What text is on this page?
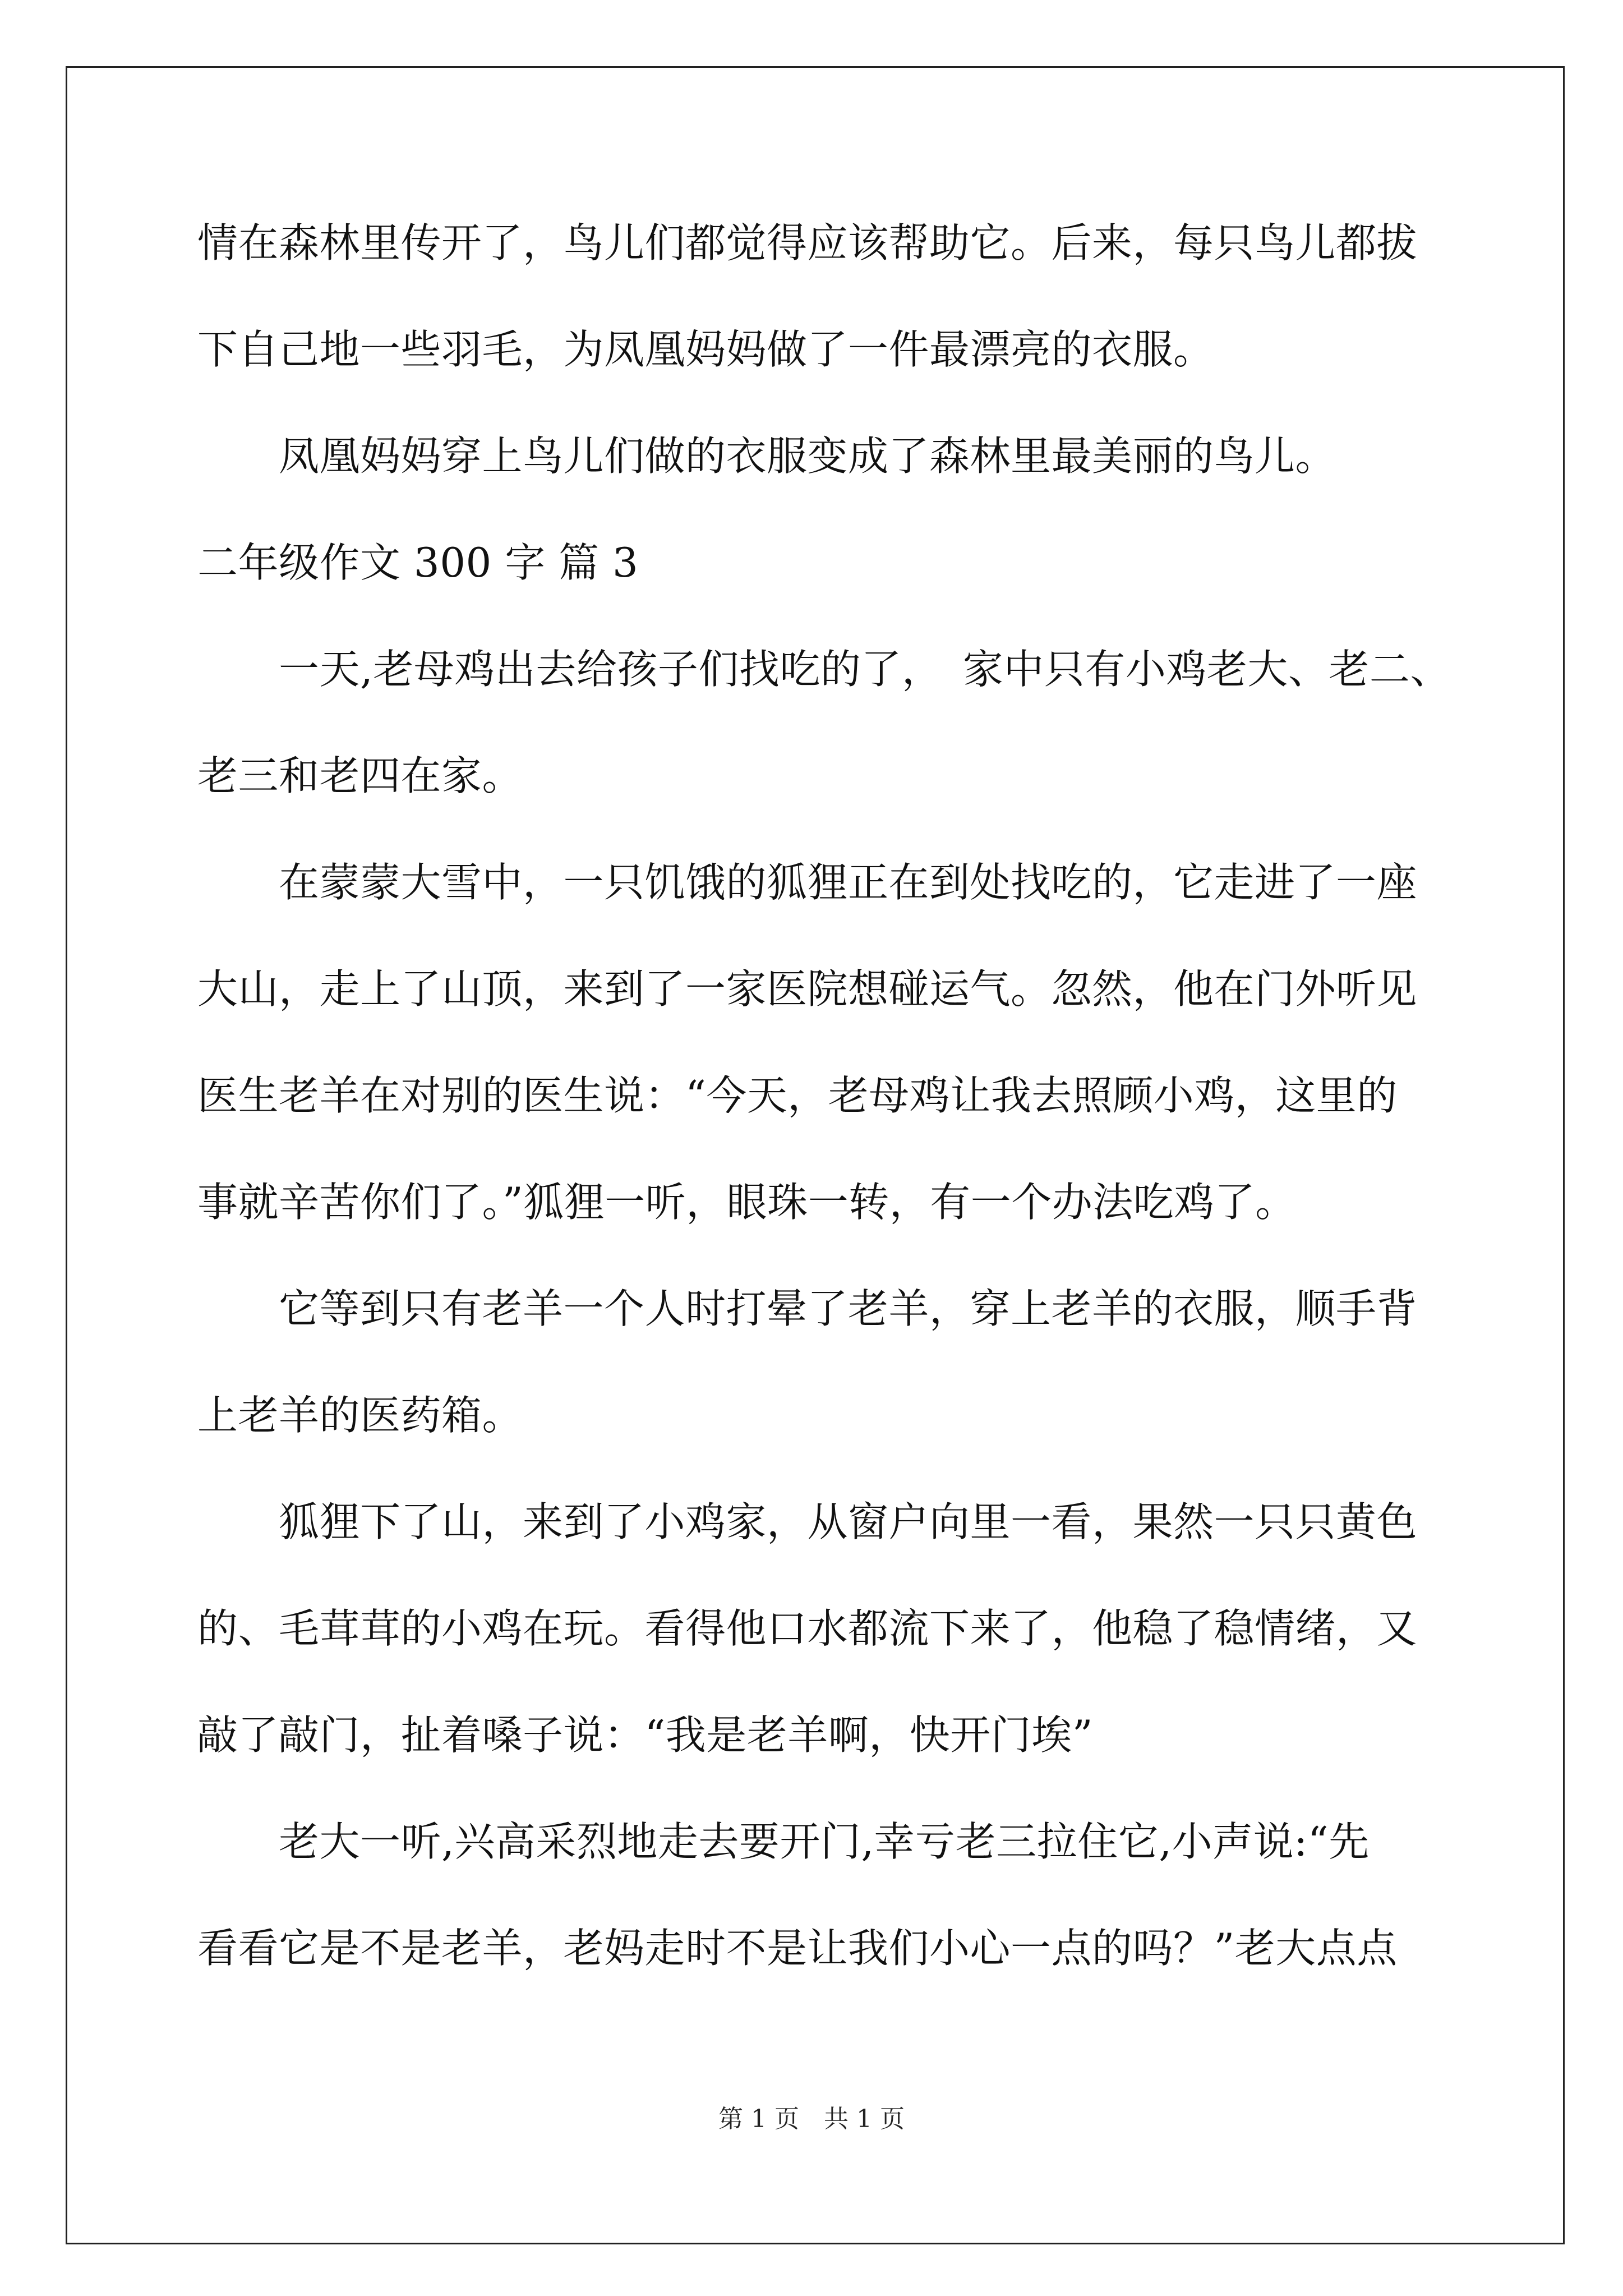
情在森林里传开了，鸟儿们都觉得应该帮助它。后来，每只鸟儿都拔
下自己地一些羽毛，为凤凰妈妈做了一件最漂亮的衣服。
　　凤凰妈妈穿上鸟儿们做的衣服变成了森林里最美丽的鸟儿。
二年级作文 300 字 篇 3
　　一天,老母鸡出去给孩子们找吃的了，　家中只有小鸡老大、老二、
老三和老四在家。
　　在蒙蒙大雪中，一只饥饿的狐狸正在到处找吃的，它走进了一座
大山，走上了山顶，来到了一家医院想碰运气。忽然，他在门外听见
医生老羊在对别的医生说：“今天，老母鸡让我去照顾小鸡，这里的
事就辛苦你们了。”狐狸一听，眼珠一转，有一个办法吃鸡了。
　　它等到只有老羊一个人时打晕了老羊，穿上老羊的衣服，顺手背
上老羊的医药箱。
　　狐狸下了山，来到了小鸡家，从窗户向里一看，果然一只只黄色
的、毛茸茸的小鸡在玩。看得他口水都流下来了，他稳了稳情绪，又
敲了敲门，扯着嗓子说：“我是老羊啊，快开门埃”
　　老大一听,兴高采烈地走去要开门,幸亏老三拉住它,小声说:“先
看看它是不是老羊，老妈走时不是让我们小心一点的吗？”老大点点
第 1 页　共 1 页
